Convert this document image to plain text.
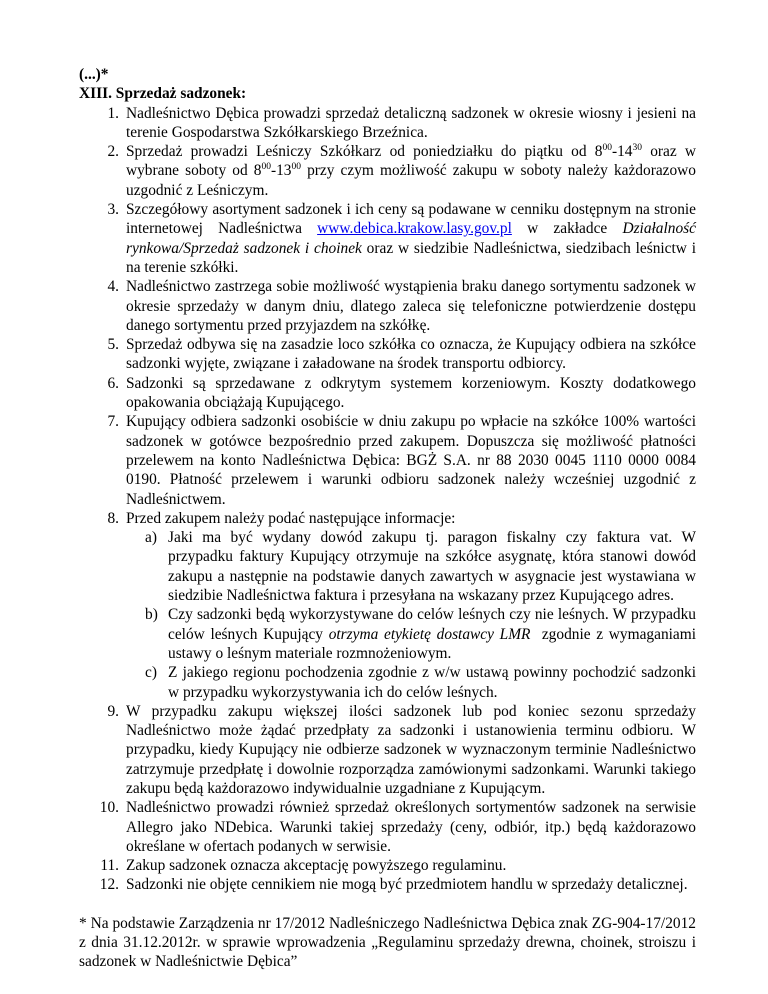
(...)*
XIII. Sprzedaż sadzonek:
1. Nadleśnictwo Dębica prowadzi sprzedaż detaliczną sadzonek w okresie wiosny i jesieni na terenie Gospodarstwa Szkółkarskiego Brzeźnica.
2. Sprzedaż prowadzi Leśniczy Szkółkarz od poniedziałku do piątku od $8^{00}-14^{30}$ oraz w wybrane soboty od $8^{00}-13^{00}$ przy czym możliwość zakupu w soboty należy każdorazowo uzgodnić z Leśniczym.
3. Szczegółowy asortyment sadzonek i ich ceny są podawane w cenniku dostępnym na stronie internetowej Nadleśnictwa www.debica.krakow.lasy.gov.pl w zakładce Działalność rynkowa/Sprzedaż sadzonek i choinek oraz w siedzibie Nadleśnictwa, siedzibach leśnictw i na terenie szkółki.
4. Nadleśnictwo zastrzega sobie możliwość wystąpienia braku danego sortymentu sadzonek w okresie sprzedaży w danym dniu, dlatego zaleca się telefoniczne potwierdzenie dostępu danego sortymentu przed przyjazdem na szkółkę.
5. Sprzedaż odbywa się na zasadzie loco szkółka co oznacza, że Kupujący odbiera na szkółce sadzonki wyjęte, związane i załadowane na środek transportu odbiorcy.
6. Sadzonki są sprzedawane z odkrytym systemem korzeniowym. Koszty dodatkowego opakowania obciążają Kupującego.
7. Kupujący odbiera sadzonki osobiście w dniu zakupu po wpłacie na szkółce 100% wartości sadzonek w gotówce bezpośrednio przed zakupem. Dopuszcza się możliwość płatności przelewem na konto Nadleśnictwa Dębica: BGŻ S.A. nr 88 2030 0045 1110 0000 0084 0190. Płatność przelewem i warunki odbioru sadzonek należy wcześniej uzgodnić z Nadleśnictwem.
8. Przed zakupem należy podać następujące informacje:
a) Jaki ma być wydany dowód zakupu tj. paragon fiskalny czy faktura vat. W przypadku faktury Kupujący otrzymuje na szkółce asygnatę, która stanowi dowód zakupu a następnie na podstawie danych zawartych w asygnacie jest wystawiana w siedzibie Nadleśnictwa faktura i przesyłana na wskazany przez Kupującego adres.
b) Czy sadzonki będą wykorzystywane do celów leśnych czy nie leśnych. W przypadku celów leśnych Kupujący otrzyma etykietę dostawcy LMR  zgodnie z wymaganiami ustawy o leśnym materiale rozmnożeniowym.
c) Z jakiego regionu pochodzenia zgodnie z w/w ustawą powinny pochodzić sadzonki w przypadku wykorzystywania ich do celów leśnych.
9. W przypadku zakupu większej ilości sadzonek lub pod koniec sezonu sprzedaży Nadleśnictwo może żądać przedpłaty za sadzonki i ustanowienia terminu odbioru. W przypadku, kiedy Kupujący nie odbierze sadzonek w wyznaczonym terminie Nadleśnictwo zatrzymuje przedpłatę i dowolnie rozporządza zamówionymi sadzonkami. Warunki takiego zakupu będą każdorazowo indywidualnie uzgadniane z Kupującym.
10. Nadleśnictwo prowadzi również sprzedaż określonych sortymentów sadzonek na serwisie Allegro jako NDebica. Warunki takiej sprzedaży (ceny, odbiór, itp.) będą każdorazowo określane w ofertach podanych w serwisie.
11. Zakup sadzonek oznacza akceptację powyższego regulaminu.
12. Sadzonki nie objęte cennikiem nie mogą być przedmiotem handlu w sprzedaży detalicznej.
* Na podstawie Zarządzenia nr 17/2012 Nadleśniczego Nadleśnictwa Dębica znak ZG-904-17/2012 z dnia 31.12.2012r. w sprawie wprowadzenia „Regulaminu sprzedaży drewna, choinek, stroiszu i sadzonek w Nadleśnictwie Dębica”
